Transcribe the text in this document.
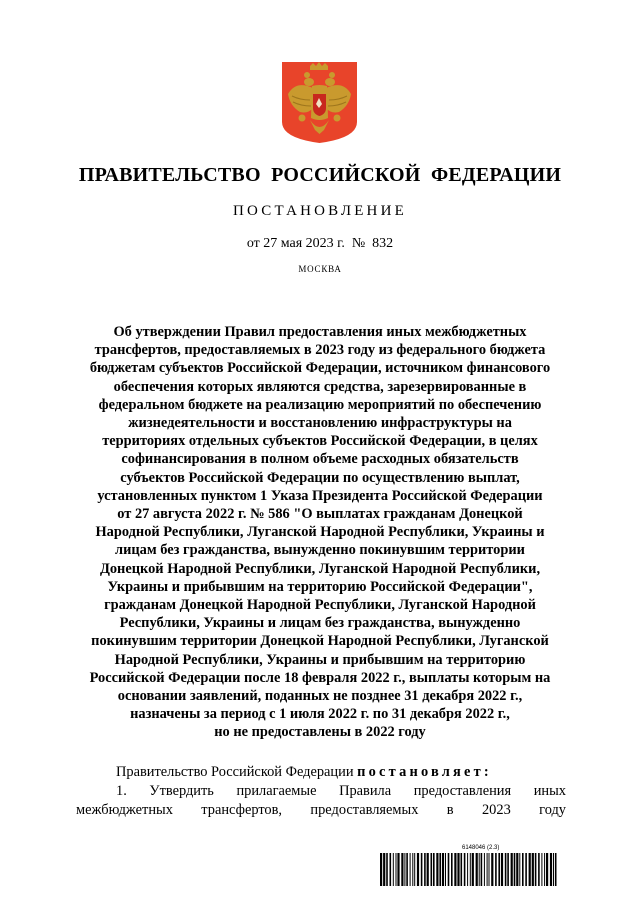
ПРАВИТЕЛЬСТВО  РОССИЙСКОЙ  ФЕДЕРАЦИИ
ПОСТАНОВЛЕНИЕ
от 27 мая 2023 г.  №  832
МОСКВА
Об утверждении Правил предоставления иных межбюджетных
трансфертов, предоставляемых в 2023 году из федерального бюджета
бюджетам субъектов Российской Федерации, источником финансового
обеспечения которых являются средства, зарезервированные в
федеральном бюджете на реализацию мероприятий по обеспечению
жизнедеятельности и восстановлению инфраструктуры на
территориях отдельных субъектов Российской Федерации, в целях
софинансирования в полном объеме расходных обязательств
субъектов Российской Федерации по осуществлению выплат,
установленных пунктом 1 Указа Президента Российской Федерации
от 27 августа 2022 г. № 586 "О выплатах гражданам Донецкой
Народной Республики, Луганской Народной Республики, Украины и
лицам без гражданства, вынужденно покинувшим территории
Донецкой Народной Республики, Луганской Народной Республики,
Украины и прибывшим на территорию Российской Федерации",
гражданам Донецкой Народной Республики, Луганской Народной
Республики, Украины и лицам без гражданства, вынужденно
покинувшим территории Донецкой Народной Республики, Луганской
Народной Республики, Украины и прибывшим на территорию
Российской Федерации после 18 февраля 2022 г., выплаты которым на
основании заявлений, поданных не позднее 31 декабря 2022 г.,
назначены за период с 1 июля 2022 г. по 31 декабря 2022 г.,
но не предоставлены в 2022 году
Правительство Российской Федерации постановляет:
1. Утвердить прилагаемые Правила предоставления иных межбюджетных трансфертов, предоставляемых в 2023 году
6148046 (2.3)
